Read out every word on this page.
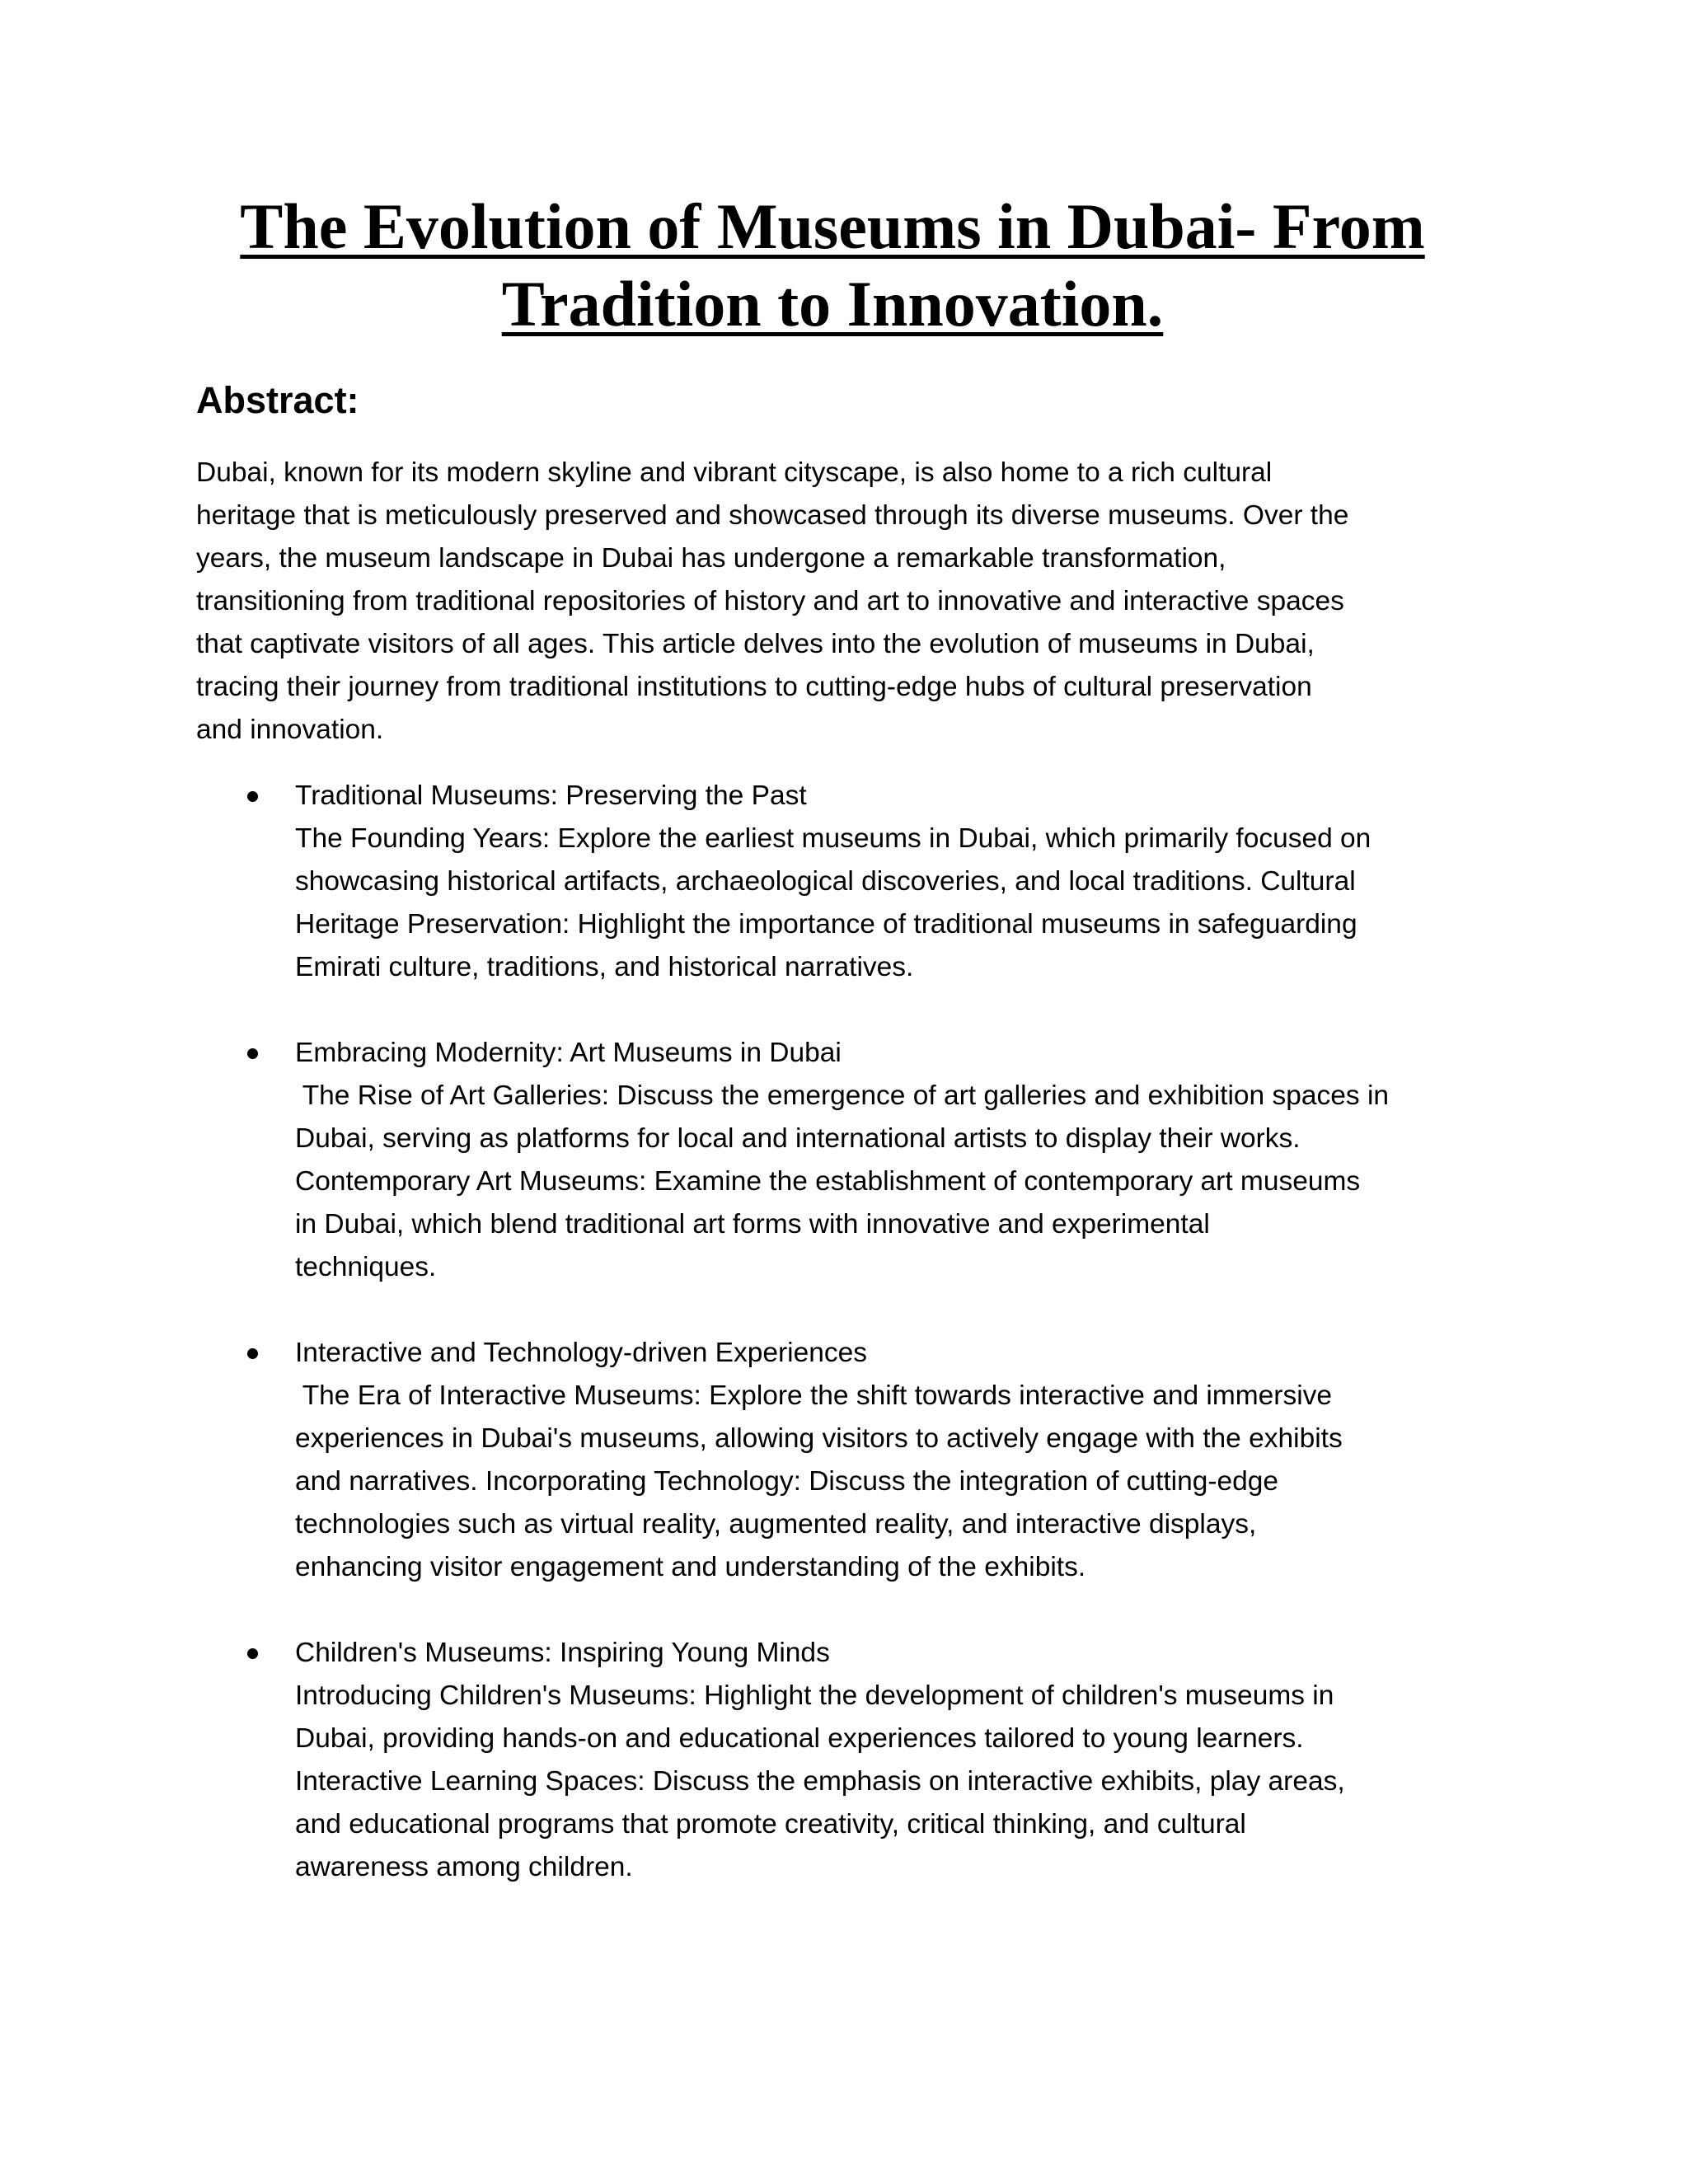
The Evolution of Museums in Dubai- From
Tradition to Innovation.
Abstract:

Dubai, known for its modern skyline and vibrant cityscape, is also home to a rich cultural
heritage that is meticulously preserved and showcased through its diverse museums. Over the
years, the museum landscape in Dubai has undergone a remarkable transformation,
transitioning from traditional repositories of history and art to innovative and interactive spaces
that captivate visitors of all ages. This article delves into the evolution of museums in Dubai,
tracing their journey from traditional institutions to cutting-edge hubs of cultural preservation
and innovation.

Traditional Museums: Preserving the Past
The Founding Years: Explore the earliest museums in Dubai, which primarily focused on
showcasing historical artifacts, archaeological discoveries, and local traditions. Cultural
Heritage Preservation: Highlight the importance of traditional museums in safeguarding
Emirati culture, traditions, and historical narratives.
Embracing Modernity: Art Museums in Dubai
The Rise of Art Galleries: Discuss the emergence of art galleries and exhibition spaces in
Dubai, serving as platforms for local and international artists to display their works.
Contemporary Art Museums: Examine the establishment of contemporary art museums
in Dubai, which blend traditional art forms with innovative and experimental
techniques.
Interactive and Technology-driven Experiences
The Era of Interactive Museums: Explore the shift towards interactive and immersive
experiences in Dubai's museums, allowing visitors to actively engage with the exhibits
and narratives. Incorporating Technology: Discuss the integration of cutting-edge
technologies such as virtual reality, augmented reality, and interactive displays,
enhancing visitor engagement and understanding of the exhibits.
Children's Museums: Inspiring Young Minds
Introducing Children's Museums: Highlight the development of children's museums in
Dubai, providing hands-on and educational experiences tailored to young learners.
Interactive Learning Spaces: Discuss the emphasis on interactive exhibits, play areas,
and educational programs that promote creativity, critical thinking, and cultural
awareness among children.
